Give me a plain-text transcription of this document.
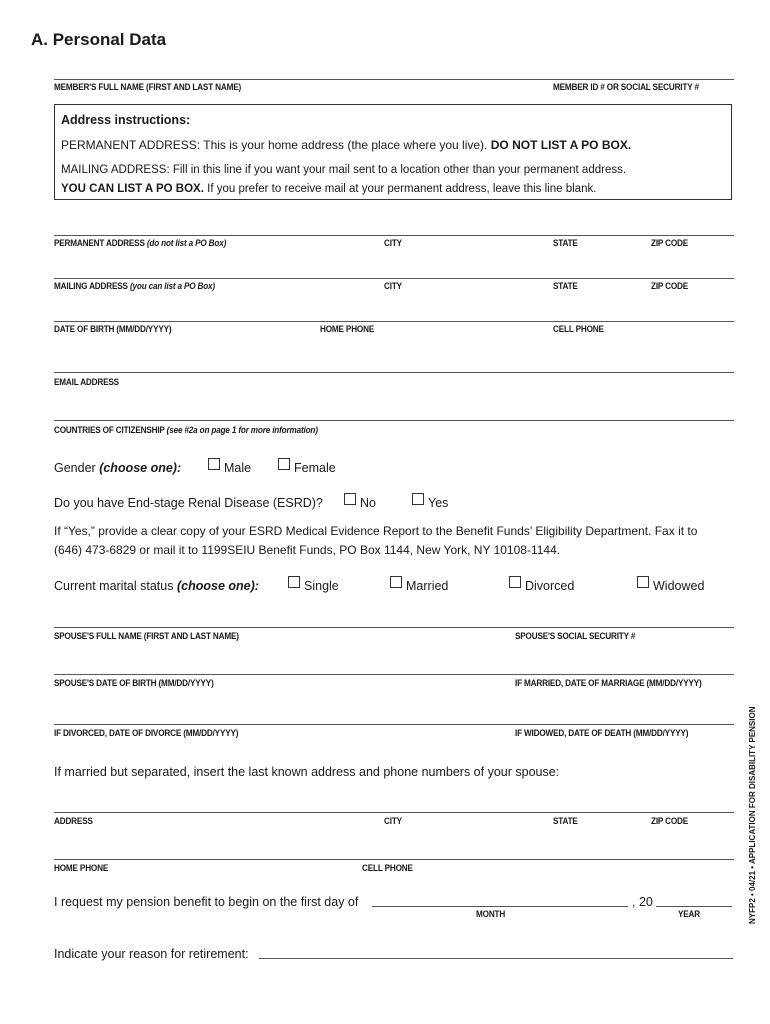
A. Personal Data
MEMBER'S FULL NAME (FIRST AND LAST NAME)	MEMBER ID # OR SOCIAL SECURITY #
Address instructions:
PERMANENT ADDRESS: This is your home address (the place where you live). DO NOT LIST A PO BOX.
MAILING ADDRESS: Fill in this line if you want your mail sent to a location other than your permanent address.
YOU CAN LIST A PO BOX. If you prefer to receive mail at your permanent address, leave this line blank.
PERMANENT ADDRESS (do not list a PO Box)	CITY	STATE	ZIP CODE
MAILING ADDRESS (you can list a PO Box)	CITY	STATE	ZIP CODE
DATE OF BIRTH (MM/DD/YYYY)	HOME PHONE	CELL PHONE
EMAIL ADDRESS
COUNTRIES OF CITIZENSHIP (see #2a on page 1 for more information)
Gender (choose one):	Male	Female
Do you have End-stage Renal Disease (ESRD)?	No	Yes
If “Yes,” provide a clear copy of your ESRD Medical Evidence Report to the Benefit Funds’ Eligibility Department. Fax it to
(646) 473-6829 or mail it to 1199SEIU Benefit Funds, PO Box 1144, New York, NY 10108-1144.
Current marital status (choose one):	Single	Married	Divorced	Widowed
SPOUSE'S FULL NAME (FIRST AND LAST NAME)	SPOUSE'S SOCIAL SECURITY #
SPOUSE'S DATE OF BIRTH (MM/DD/YYYY)	IF MARRIED, DATE OF MARRIAGE (MM/DD/YYYY)
IF DIVORCED, DATE OF DIVORCE (MM/DD/YYYY)	IF WIDOWED, DATE OF DEATH (MM/DD/YYYY)
If married but separated, insert the last known address and phone numbers of your spouse:
ADDRESS	CITY	STATE	ZIP CODE
HOME PHONE	CELL PHONE
I request my pension benefit to begin on the first day of	, 20
MONTH	YEAR
Indicate your reason for retirement:
NYFP2 • 04/21 • APPLICATION FOR DISABILITY PENSION
